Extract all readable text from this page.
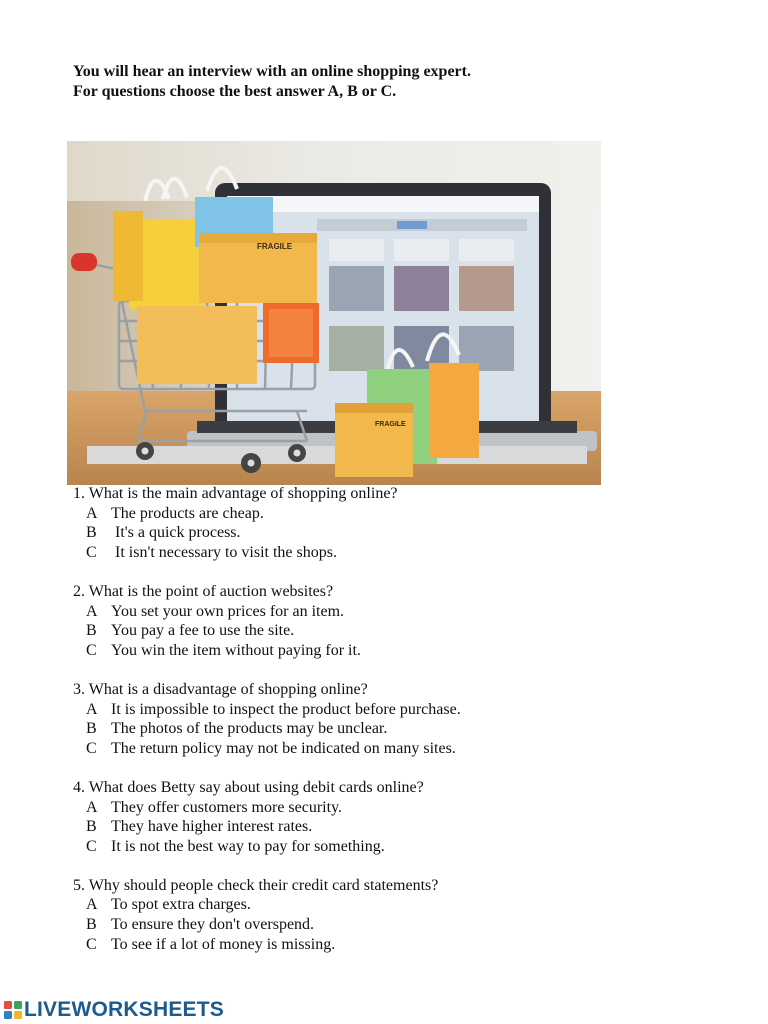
You will hear an interview with an online shopping expert.
For questions choose the best answer A, B or C.
FRAGILE
FRAGILE
1. What is the main advantage of shopping online?
A The products are cheap.
B It's a quick process.
C It isn't necessary to visit the shops.
2. What is the point of auction websites?
A You set your own prices for an item.
B You pay a fee to use the site.
C You win the item without paying for it.
3. What is a disadvantage of shopping online?
A It is impossible to inspect the product before purchase.
B The photos of the products may be unclear.
C The return policy may not be indicated on many sites.
4. What does Betty say about using debit cards online?
A They offer customers more security.
B They have higher interest rates.
C It is not the best way to pay for something.
5. Why should people check their credit card statements?
A To spot extra charges.
B To ensure they don't overspend.
C To see if a lot of money is missing.
LIVEWORKSHEETS
